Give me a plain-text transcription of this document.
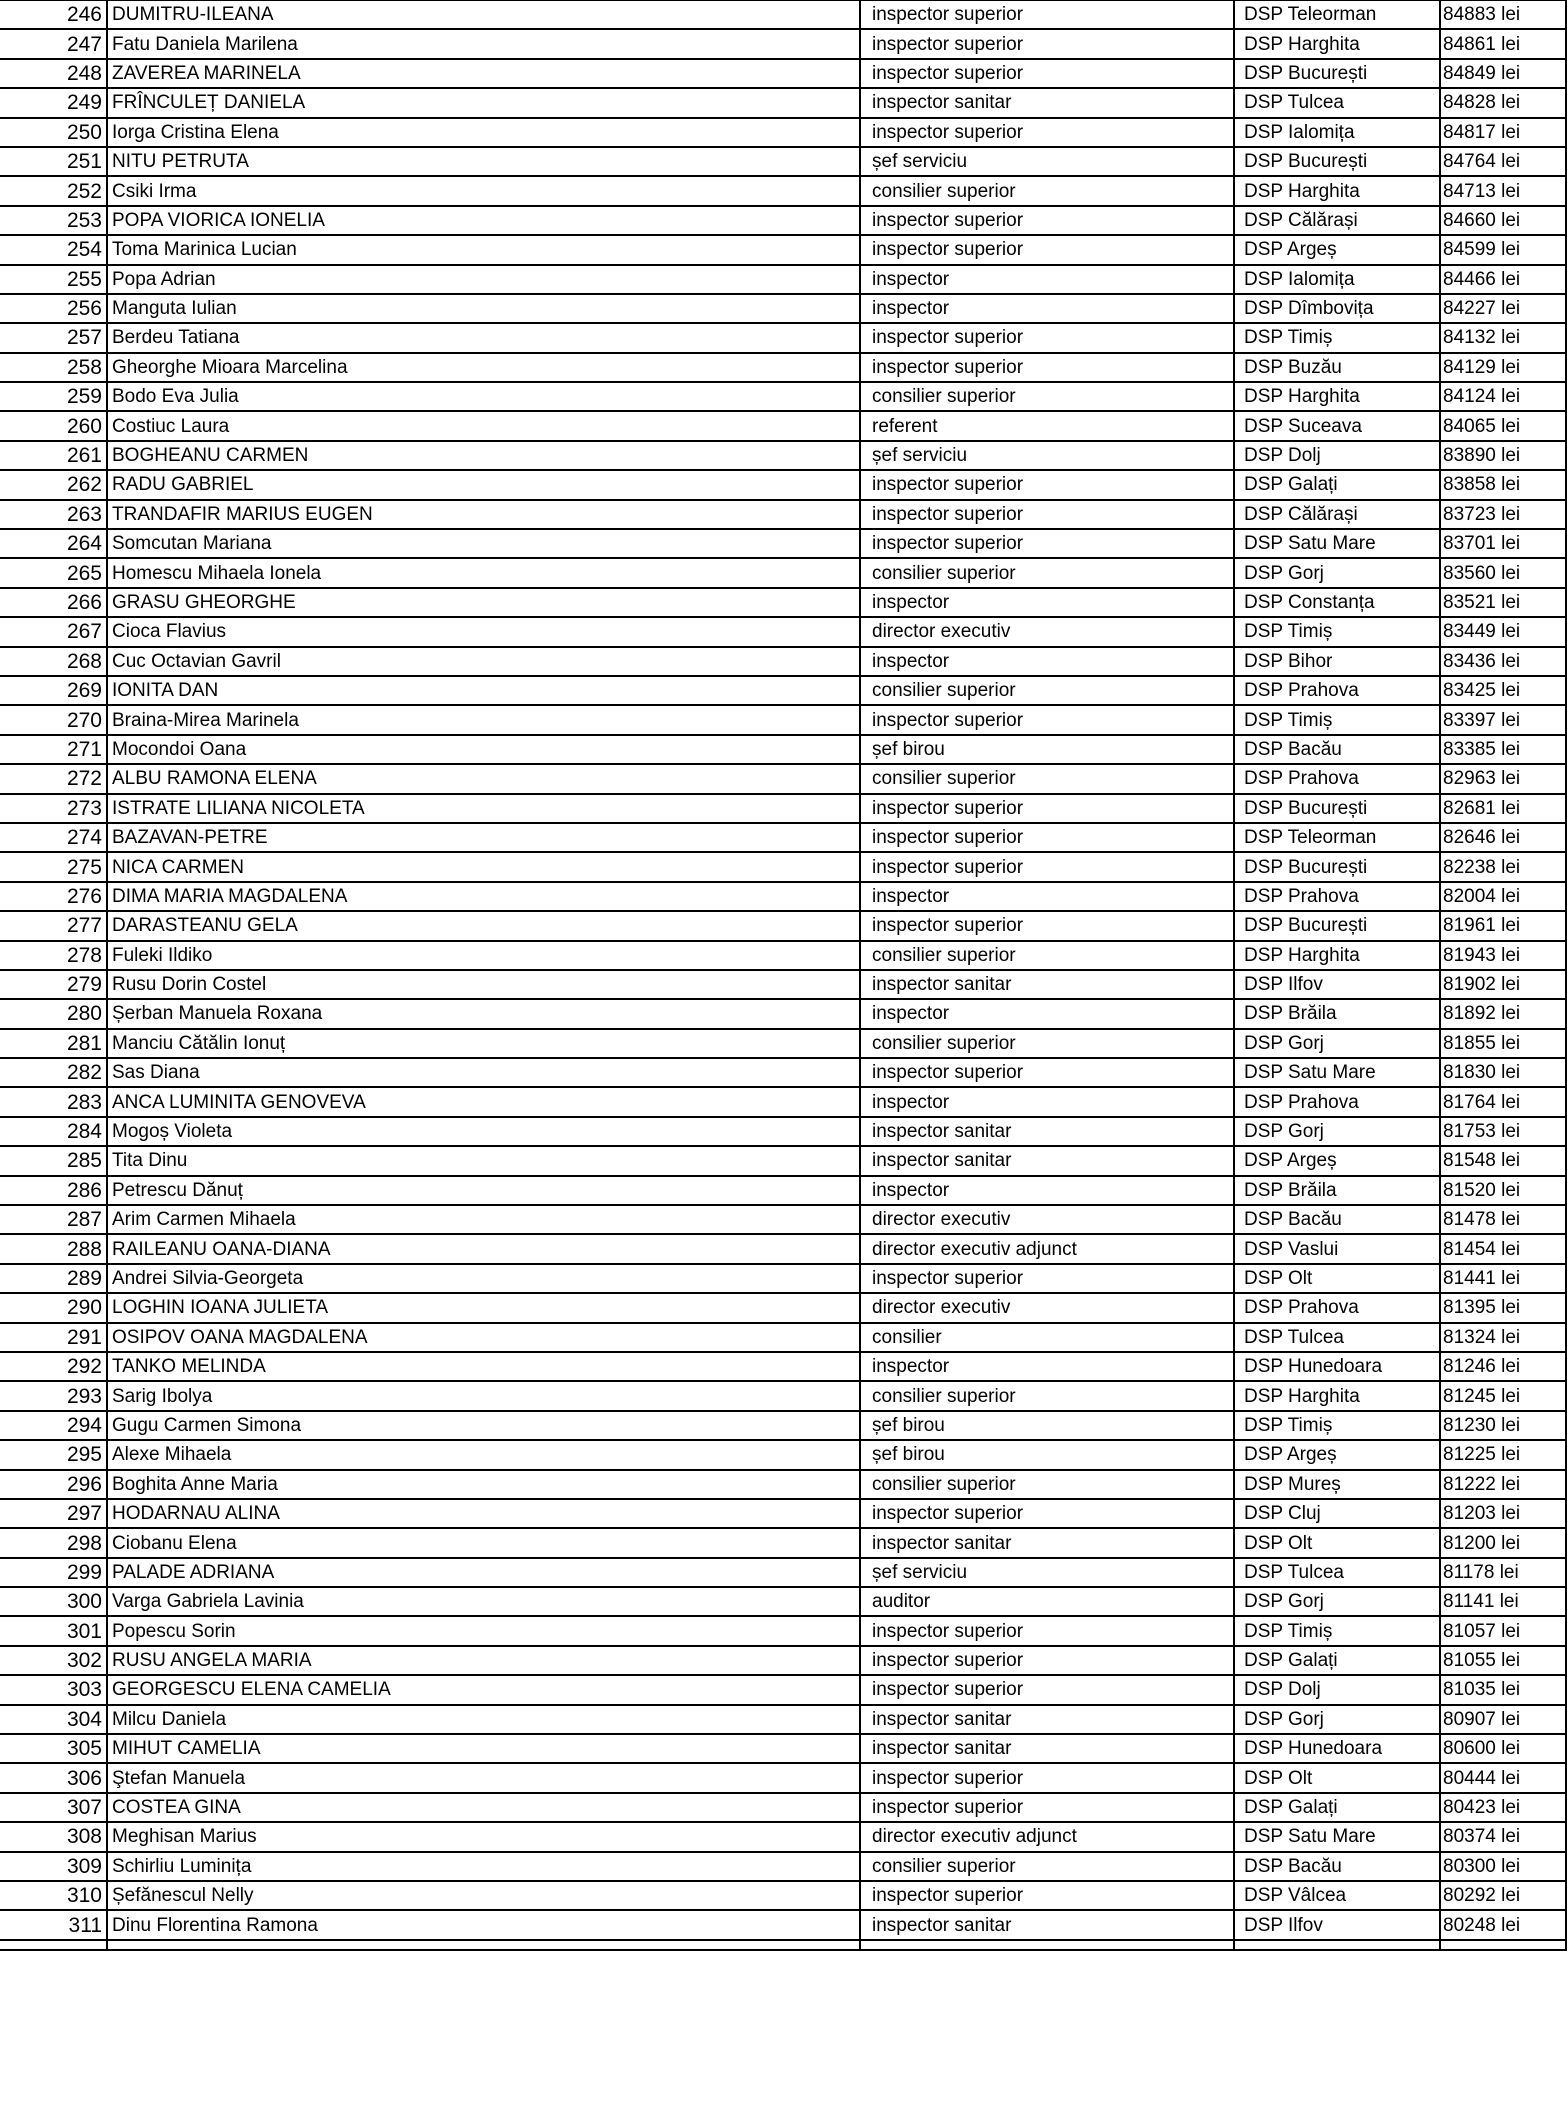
246	DUMITRU-ILEANA	inspector superior	DSP Teleorman	84883 lei
247	Fatu Daniela Marilena	inspector superior	DSP Harghita	84861 lei
248	ZAVEREA MARINELA	inspector superior	DSP București	84849 lei
249	FRÎNCULEȚ DANIELA	inspector sanitar	DSP Tulcea	84828 lei
250	Iorga Cristina Elena	inspector superior	DSP Ialomița	84817 lei
251	NITU PETRUTA	șef serviciu	DSP București	84764 lei
252	Csiki Irma	consilier superior	DSP Harghita	84713 lei
253	POPA VIORICA IONELIA	inspector superior	DSP Călărași	84660 lei
254	Toma Marinica Lucian	inspector superior	DSP Argeș	84599 lei
255	Popa Adrian	inspector	DSP Ialomița	84466 lei
256	Manguta Iulian	inspector	DSP Dîmbovița	84227 lei
257	Berdeu Tatiana	inspector superior	DSP Timiș	84132 lei
258	Gheorghe Mioara Marcelina	inspector superior	DSP Buzău	84129 lei
259	Bodo Eva Julia	consilier superior	DSP Harghita	84124 lei
260	Costiuc Laura	referent	DSP Suceava	84065 lei
261	BOGHEANU CARMEN	șef serviciu	DSP Dolj	83890 lei
262	RADU GABRIEL	inspector superior	DSP Galați	83858 lei
263	TRANDAFIR MARIUS EUGEN	inspector superior	DSP Călărași	83723 lei
264	Somcutan Mariana	inspector superior	DSP Satu Mare	83701 lei
265	Homescu Mihaela Ionela	consilier superior	DSP Gorj	83560 lei
266	GRASU GHEORGHE	inspector	DSP Constanța	83521 lei
267	Cioca Flavius	director executiv	DSP Timiș	83449 lei
268	Cuc Octavian Gavril	inspector	DSP Bihor	83436 lei
269	IONITA DAN	consilier superior	DSP Prahova	83425 lei
270	Braina-Mirea Marinela	inspector superior	DSP Timiș	83397 lei
271	Mocondoi Oana	șef birou	DSP Bacău	83385 lei
272	ALBU RAMONA ELENA	consilier superior	DSP Prahova	82963 lei
273	ISTRATE LILIANA NICOLETA	inspector superior	DSP București	82681 lei
274	BAZAVAN-PETRE	inspector superior	DSP Teleorman	82646 lei
275	NICA CARMEN	inspector superior	DSP București	82238 lei
276	DIMA MARIA MAGDALENA	inspector	DSP Prahova	82004 lei
277	DARASTEANU GELA	inspector superior	DSP București	81961 lei
278	Fuleki Ildiko	consilier superior	DSP Harghita	81943 lei
279	Rusu Dorin Costel	inspector sanitar	DSP Ilfov	81902 lei
280	Șerban Manuela Roxana	inspector	DSP Brăila	81892 lei
281	Manciu Cătălin Ionuț	consilier superior	DSP Gorj	81855 lei
282	Sas Diana	inspector superior	DSP Satu Mare	81830 lei
283	ANCA LUMINITA GENOVEVA	inspector	DSP Prahova	81764 lei
284	Mogoș Violeta	inspector sanitar	DSP Gorj	81753 lei
285	Tita Dinu	inspector sanitar	DSP Argeș	81548 lei
286	Petrescu Dănuț	inspector	DSP Brăila	81520 lei
287	Arim Carmen Mihaela	director executiv	DSP Bacău	81478 lei
288	RAILEANU OANA-DIANA	director executiv adjunct	DSP Vaslui	81454 lei
289	Andrei Silvia-Georgeta	inspector superior	DSP Olt	81441 lei
290	LOGHIN IOANA JULIETA	director executiv	DSP Prahova	81395 lei
291	OSIPOV OANA MAGDALENA	consilier	DSP Tulcea	81324 lei
292	TANKO MELINDA	inspector	DSP Hunedoara	81246 lei
293	Sarig Ibolya	consilier superior	DSP Harghita	81245 lei
294	Gugu Carmen Simona	șef birou	DSP Timiș	81230 lei
295	Alexe Mihaela	șef birou	DSP Argeș	81225 lei
296	Boghita Anne Maria	consilier superior	DSP Mureș	81222 lei
297	HODARNAU ALINA	inspector superior	DSP Cluj	81203 lei
298	Ciobanu Elena	inspector sanitar	DSP Olt	81200 lei
299	PALADE ADRIANA	șef serviciu	DSP Tulcea	81178 lei
300	Varga Gabriela Lavinia	auditor	DSP Gorj	81141 lei
301	Popescu Sorin	inspector superior	DSP Timiș	81057 lei
302	RUSU ANGELA MARIA	inspector superior	DSP Galați	81055 lei
303	GEORGESCU ELENA CAMELIA	inspector superior	DSP Dolj	81035 lei
304	Milcu Daniela	inspector sanitar	DSP Gorj	80907 lei
305	MIHUT CAMELIA	inspector sanitar	DSP Hunedoara	80600 lei
306	Ştefan Manuela	inspector superior	DSP Olt	80444 lei
307	COSTEA GINA	inspector superior	DSP Galați	80423 lei
308	Meghisan Marius	director executiv adjunct	DSP Satu Mare	80374 lei
309	Schirliu Luminița	consilier superior	DSP Bacău	80300 lei
310	Șefănescul Nelly	inspector superior	DSP Vâlcea	80292 lei
311	Dinu Florentina Ramona	inspector sanitar	DSP Ilfov	80248 lei
